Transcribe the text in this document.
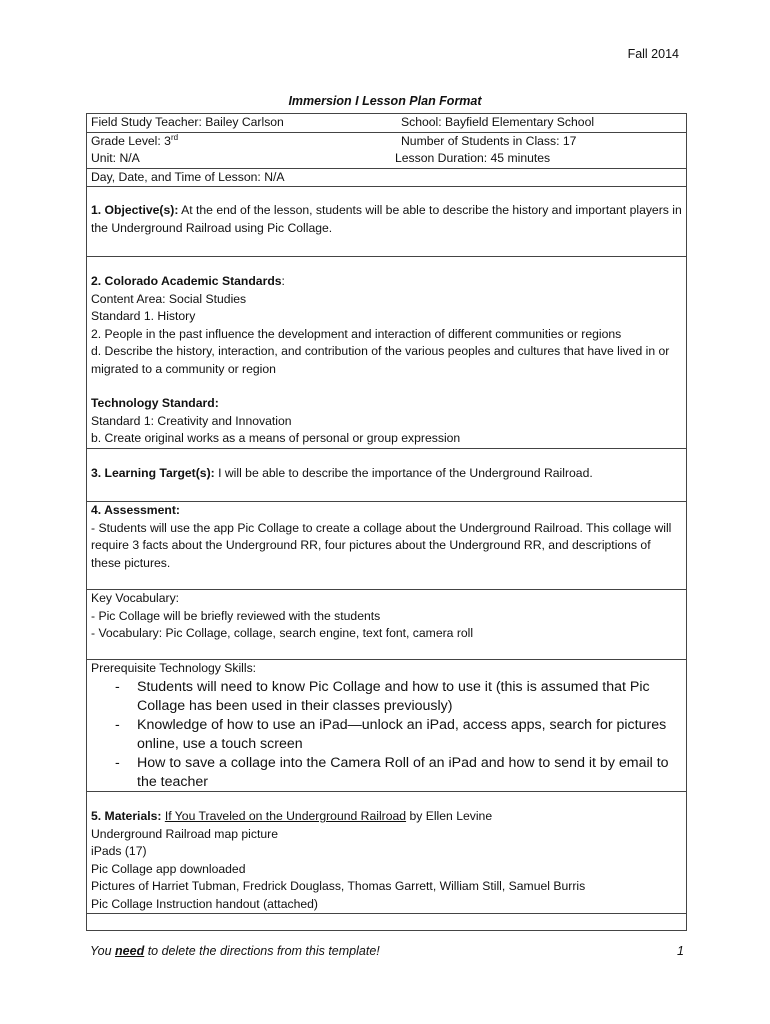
Fall 2014
Immersion I Lesson Plan Format
Field Study Teacher: Bailey Carlson	School: Bayfield Elementary School
Grade Level: 3rd	Number of Students in Class: 17
Unit: N/A	Lesson Duration: 45 minutes
Day, Date, and Time of Lesson: N/A

1. Objective(s): At the end of the lesson, students will be able to describe the history and important players in the Underground Railroad using Pic Collage.

2. Colorado Academic Standards:

Content Area: Social Studies

Standard 1. History

2. People in the past influence the development and interaction of different communities or regions

d. Describe the history, interaction, and contribution of the various peoples and cultures that have lived in or migrated to a community or region

Technology Standard:

Standard 1: Creativity and Innovation

b. Create original works as a means of personal or group expression

3. Learning Target(s): I will be able to describe the importance of the Underground Railroad.

4. Assessment:

- Students will use the app Pic Collage to create a collage about the Underground Railroad. This collage will require 3 facts about the Underground RR, four pictures about the Underground RR, and descriptions of these pictures.

Key Vocabulary:

- Pic Collage will be briefly reviewed with the students

- Vocabulary: Pic Collage, collage, search engine, text font, camera roll

Prerequisite Technology Skills:

- Students will need to know Pic Collage and how to use it (this is assumed that Pic Collage has been used in their classes previously)
- Knowledge of how to use an iPad—unlock an iPad, access apps, search for pictures online, use a touch screen
- How to save a collage into the Camera Roll of an iPad and how to send it by email to the teacher

5. Materials: If You Traveled on the Underground Railroad by Ellen Levine

Underground Railroad map picture

iPads (17)

Pic Collage app downloaded

Pictures of Harriet Tubman, Fredrick Douglass, Thomas Garrett, William Still, Samuel Burris

Pic Collage Instruction handout (attached)

You need to delete the directions from this template!	1
